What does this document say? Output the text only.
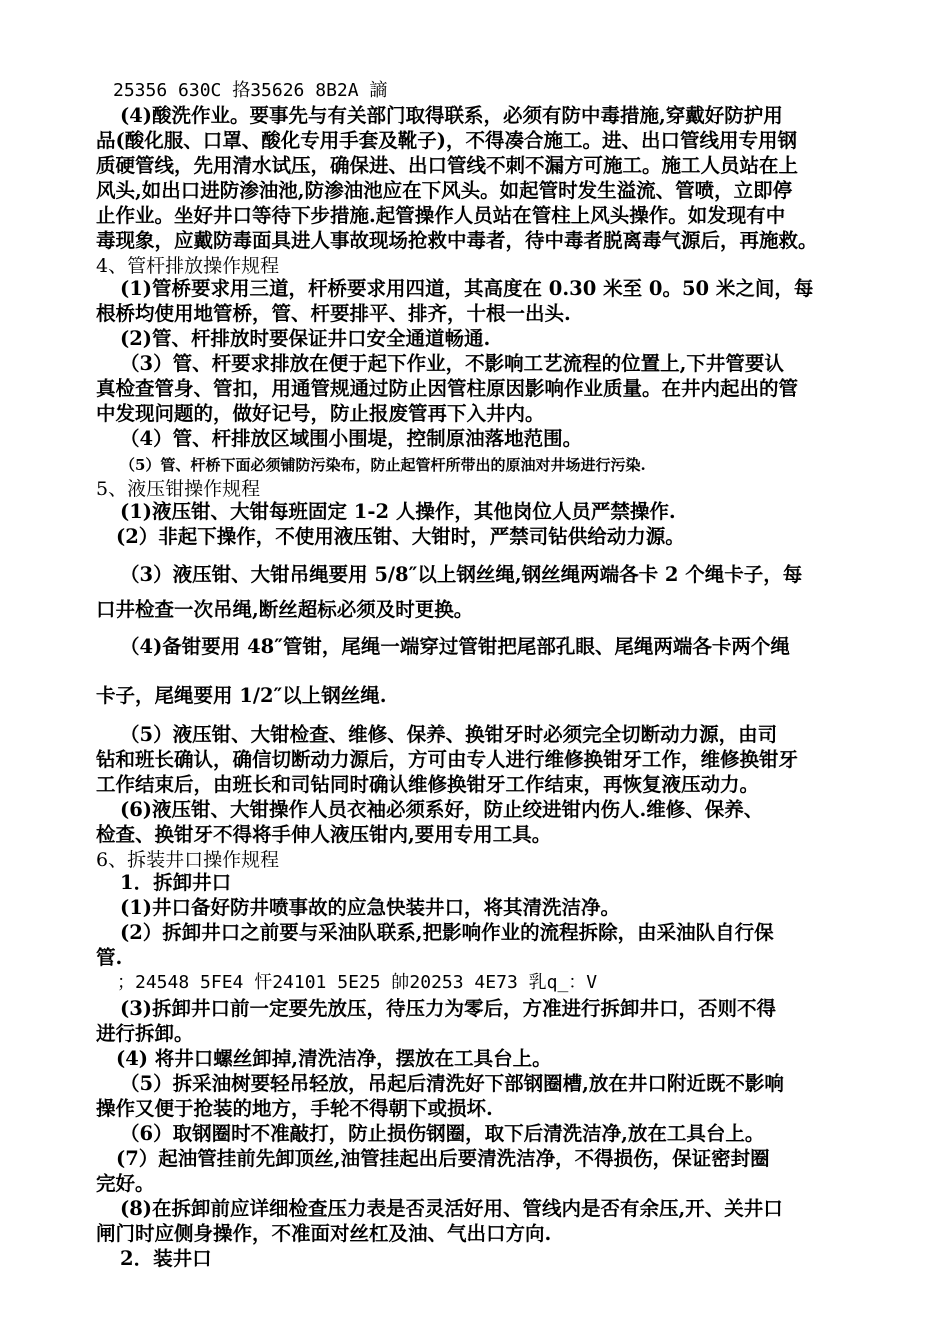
25356 630C 挌35626 8B2A 謪
(4)酸洗作业。要事先与有关部门取得联系，必须有防中毒措施,穿戴好防护用
品(酸化服、口罩、酸化专用手套及靴子)，不得凑合施工。进、出口管线用专用钢
质硬管线，先用清水试压，确保进、出口管线不刺不漏方可施工。施工人员站在上
风头,如出口进防渗油池,防渗油池应在下风头。如起管时发生溢流、管喷，立即停
止作业。坐好井口等待下步措施.起管操作人员站在管柱上风头操作。如发现有中
毒现象，应戴防毒面具进人事故现场抢救中毒者，待中毒者脱离毒气源后，再施救。
4、管杆排放操作规程
(1)管桥要求用三道，杆桥要求用四道，其高度在 0.30 米至 0。50 米之间，每
根桥均使用地管桥，管、杆要排平、排齐，十根一出头.
(2)管、杆排放时要保证井口安全通道畅通.
（3）管、杆要求排放在便于起下作业，不影响工艺流程的位置上,下井管要认
真检查管身、管扣，用通管规通过防止因管柱原因影响作业质量。在井内起出的管
中发现问题的，做好记号，防止报废管再下入井内。
（4）管、杆排放区域围小围堤，控制原油落地范围。
（5）管、杆桥下面必须铺防污染布，防止起管杆所带出的原油对井场进行污染.
5、液压钳操作规程
(1)液压钳、大钳每班固定 1-2 人操作，其他岗位人员严禁操作.
(2）非起下操作，不使用液压钳、大钳时，严禁司钻供给动力源。
（3）液压钳、大钳吊绳要用 5/8″以上钢丝绳,钢丝绳两端各卡 2 个绳卡子，每
口井检查一次吊绳,断丝超标必须及时更换。
（4)备钳要用 48″管钳，尾绳一端穿过管钳把尾部孔眼、尾绳两端各卡两个绳
卡子，尾绳要用 1/2″以上钢丝绳.
（5）液压钳、大钳检查、维修、保养、换钳牙时必须完全切断动力源，由司
钻和班长确认，确信切断动力源后，方可由专人进行维修换钳牙工作，维修换钳牙
工作结束后，由班长和司钻同时确认维修换钳牙工作结束，再恢复液压动力。
(6)液压钳、大钳操作人员衣袖必须系好，防止绞进钳内伤人.维修、保养、
检查、换钳牙不得将手伸人液压钳内,要用专用工具。
6、拆装井口操作规程
1．拆卸井口
(1)井口备好防井喷事故的应急快装井口，将其清洗洁净。
(2）拆卸井口之前要与采油队联系,把影响作业的流程拆除，由采油队自行保
管.
；24548 5FE4 忓24101 5E25 帥20253 4E73 乳q_：V
(3)拆卸井口前一定要先放压，待压力为零后，方准进行拆卸井口，否则不得
进行拆卸。
(4) 将井口螺丝卸掉,清洗洁净，摆放在工具台上。
（5）拆采油树要轻吊轻放，吊起后清洗好下部钢圈槽,放在井口附近既不影响
操作又便于抢装的地方，手轮不得朝下或损坏.
（6）取钢圈时不准敲打，防止损伤钢圈，取下后清洗洁净,放在工具台上。
(7）起油管挂前先卸顶丝,油管挂起出后要清洗洁净，不得损伤，保证密封圈
完好。
(8)在拆卸前应详细检查压力表是否灵活好用、管线内是否有余压,开、关井口
闸门时应侧身操作，不准面对丝杠及油、气出口方向.
2．装井口
